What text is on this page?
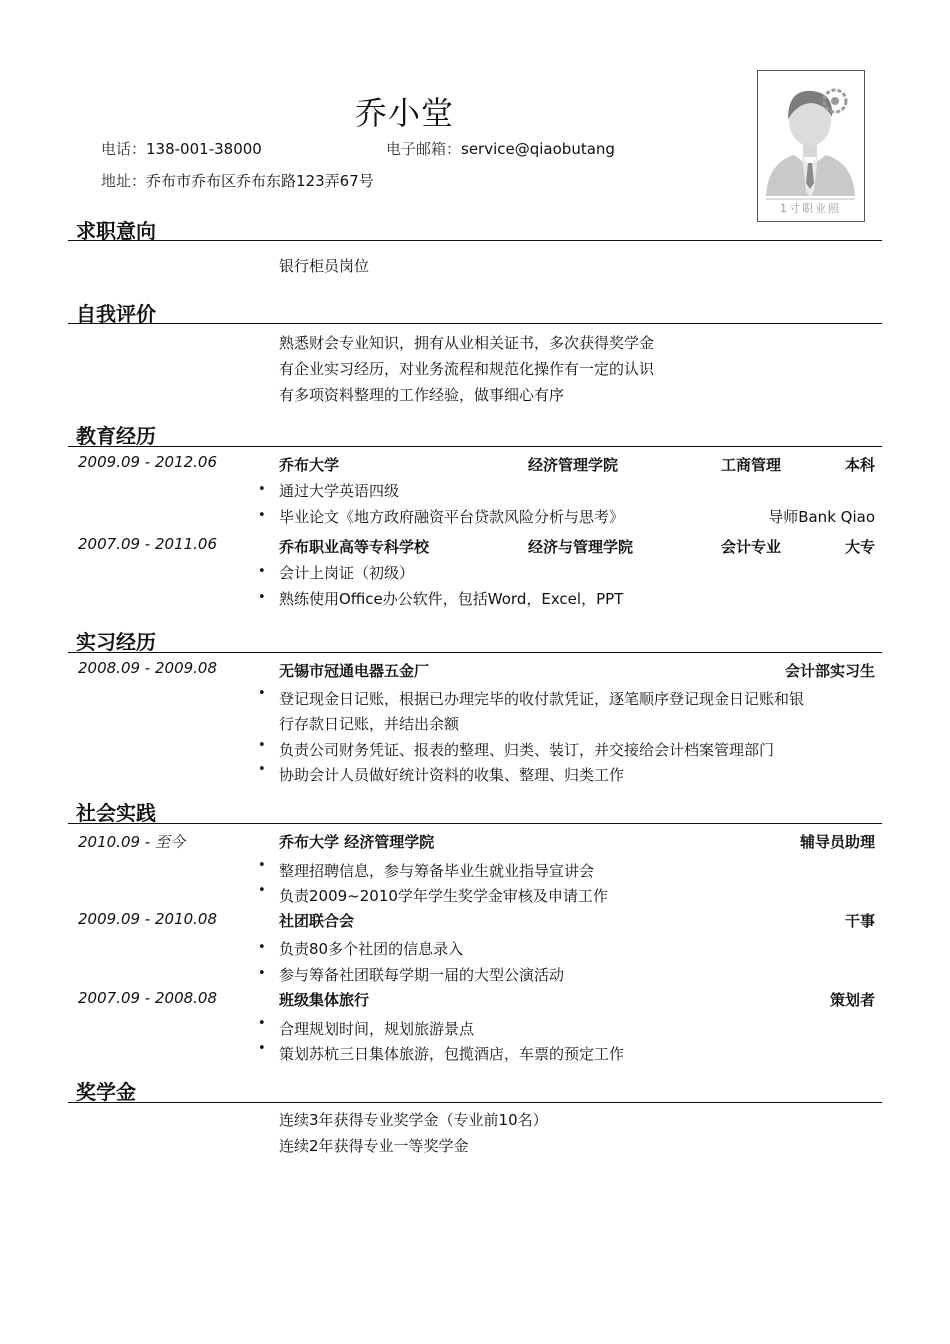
乔小堂
电话：138-001-38000	电子邮箱：service@qiaobutang
地址：乔布市乔布区乔布东路123弄67号
1寸职业照
求职意向
银行柜员岗位
自我评价
熟悉财会专业知识，拥有从业相关证书，多次获得奖学金
有企业实习经历，对业务流程和规范化操作有一定的认识
有多项资料整理的工作经验，做事细心有序
教育经历
2009.09 - 2012.06	乔布大学	经济管理学院	工商管理	本科
• 通过大学英语四级
• 毕业论文《地方政府融资平台贷款风险分析与思考》	导师Bank Qiao
2007.09 - 2011.06	乔布职业高等专科学校	经济与管理学院	会计专业	大专
• 会计上岗证（初级）
• 熟练使用Office办公软件，包括Word，Excel，PPT
实习经历
2008.09 - 2009.08	无锡市冠通电器五金厂	会计部实习生
• 登记现金日记账，根据已办理完毕的收付款凭证，逐笔顺序登记现金日记账和银
行存款日记账，并结出余额
• 负责公司财务凭证、报表的整理、归类、装订，并交接给会计档案管理部门
• 协助会计人员做好统计资料的收集、整理、归类工作
社会实践
2010.09 - 至今	乔布大学 经济管理学院	辅导员助理
• 整理招聘信息，参与筹备毕业生就业指导宣讲会
• 负责2009~2010学年学生奖学金审核及申请工作
2009.09 - 2010.08	社团联合会	干事
• 负责80多个社团的信息录入
• 参与筹备社团联每学期一届的大型公演活动
2007.09 - 2008.08	班级集体旅行	策划者
• 合理规划时间，规划旅游景点
• 策划苏杭三日集体旅游，包揽酒店，车票的预定工作
奖学金
连续3年获得专业奖学金（专业前10名）
连续2年获得专业一等奖学金
